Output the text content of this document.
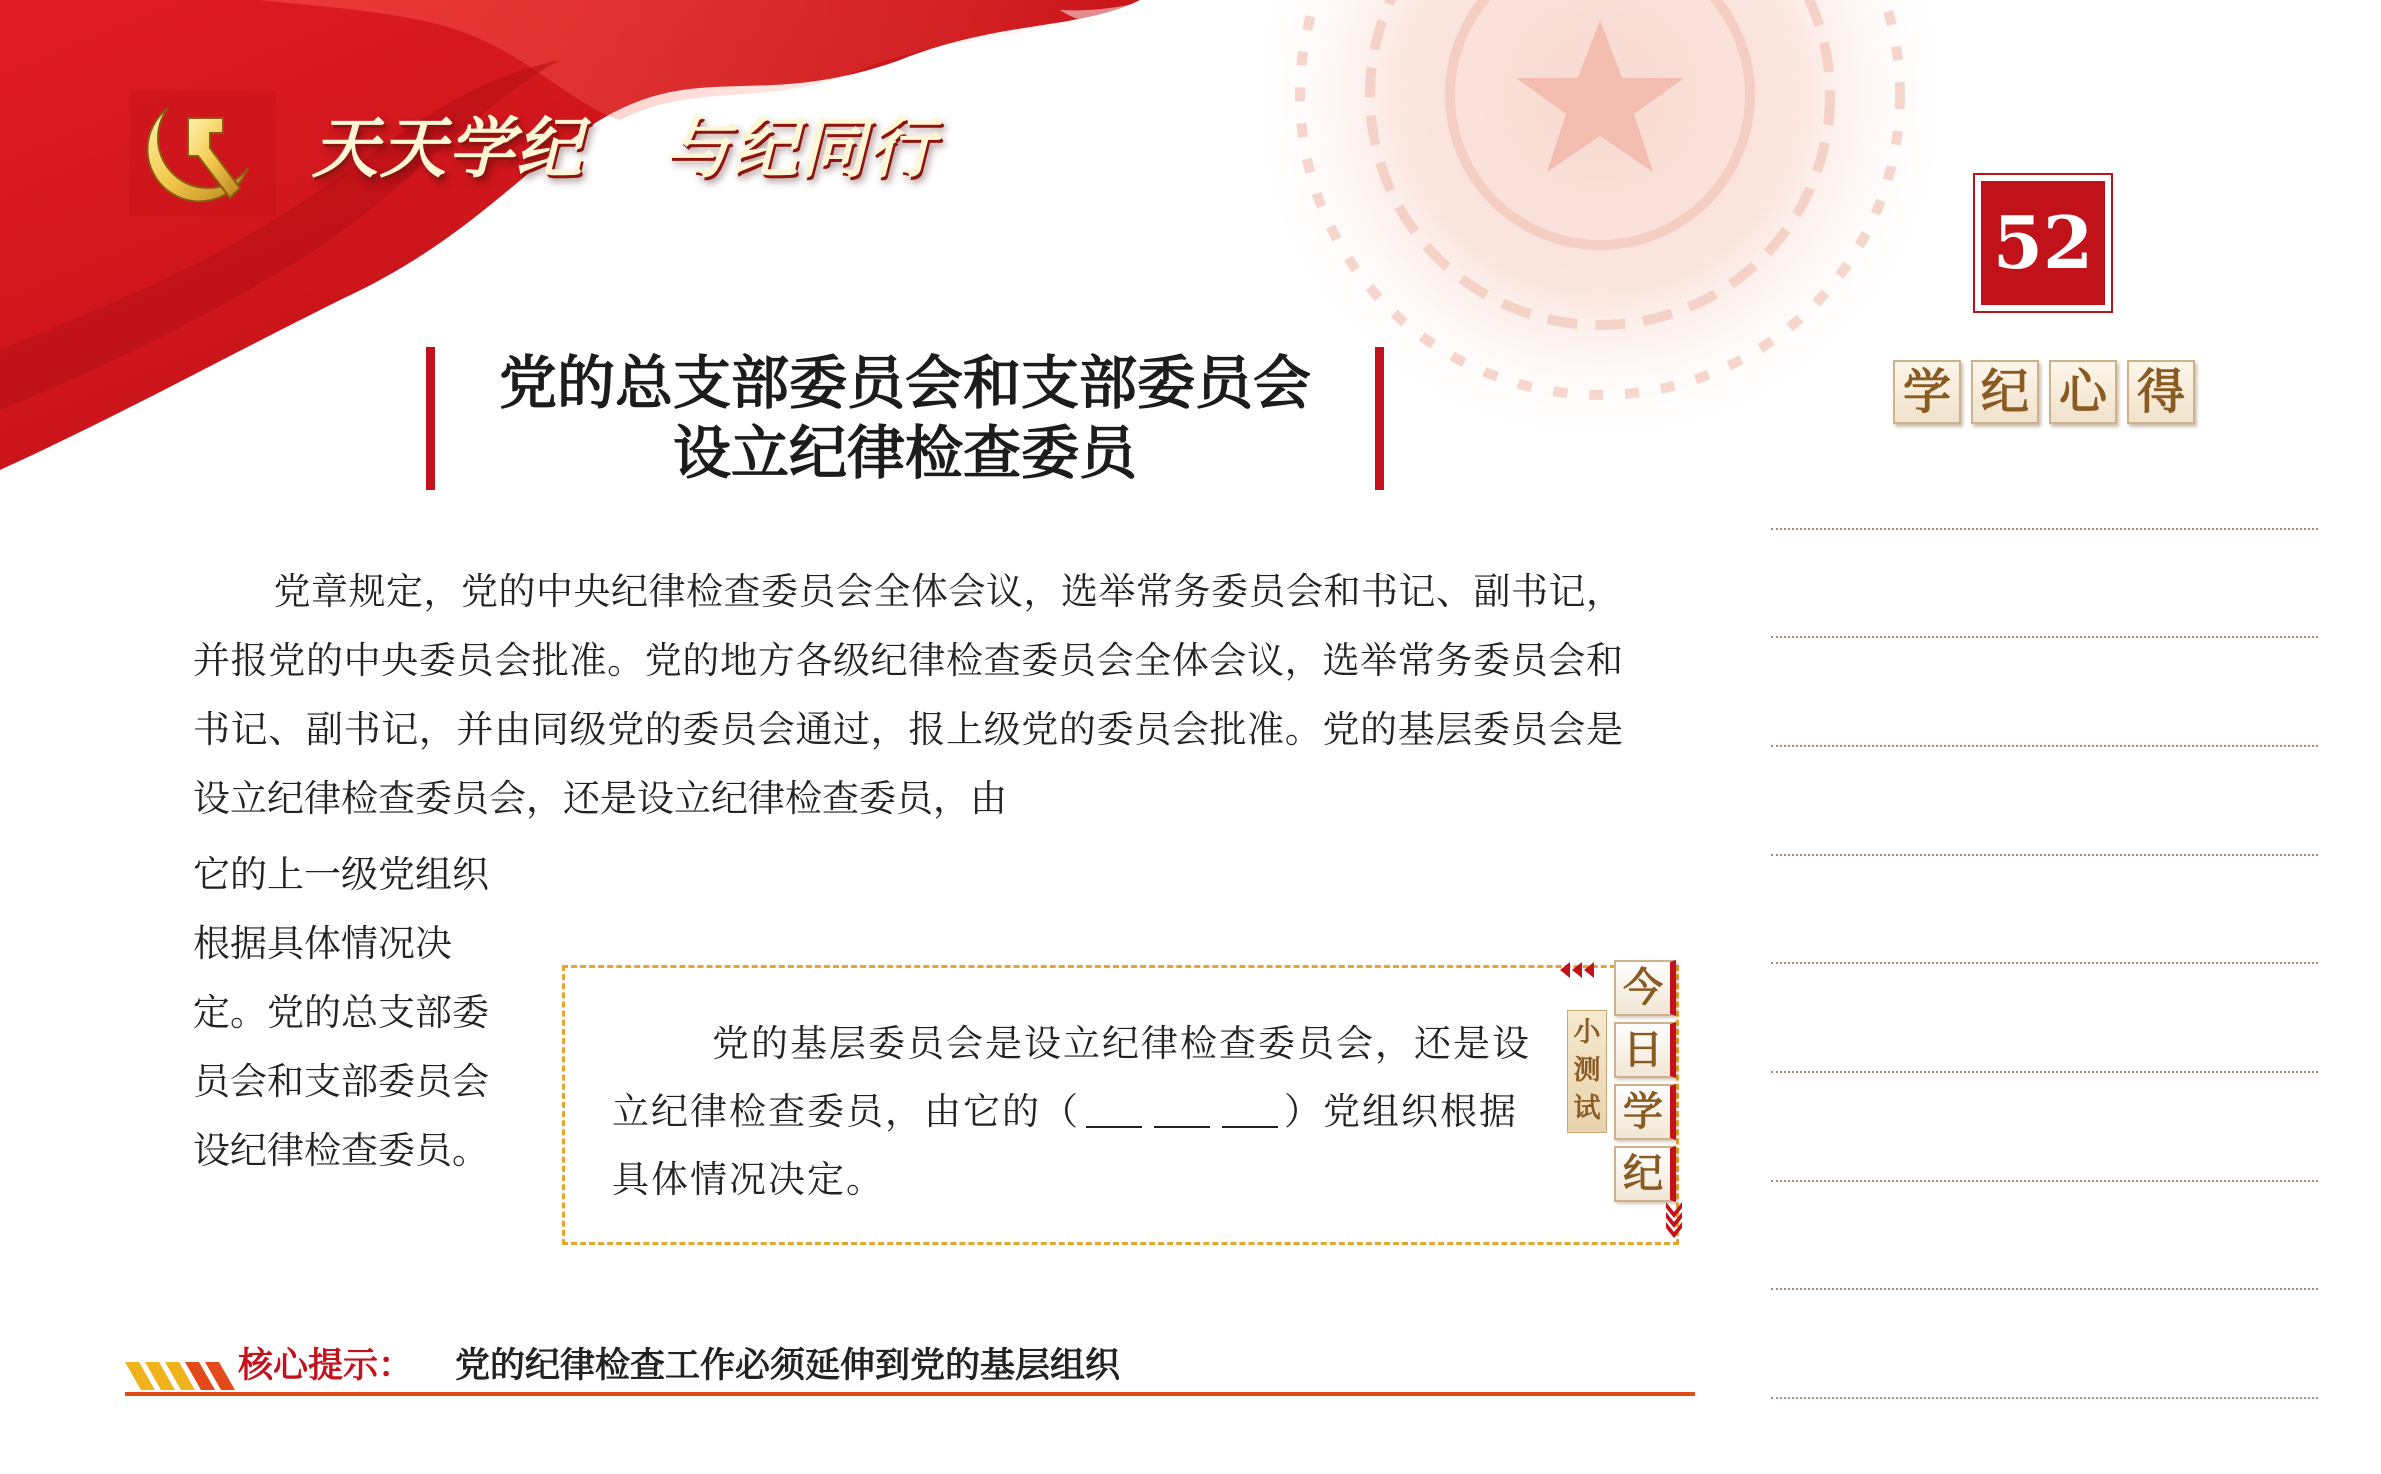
天天学纪 与纪同行
52
学 纪 心 得
党的总支部委员会和支部委员会
设立纪律检查委员

党章规定，党的中央纪律检查委员会全体会议，选举常务委员会和书记、副书记，并报党的中央委员会批准。党的地方各级纪律检查委员会全体会议，选举常务委员会和书记、副书记，并由同级党的委员会通过，报上级党的委员会批准。党的基层委员会是设立纪律检查委员会，还是设立纪律检查委员，由

它的上一级党组织根据具体情况决定。党的总支部委员会和支部委员会设纪律检查委员。

小测试
今
日
学
纪

党的基层委员会是设立纪律检查委员会，还是设立纪律检查委员，由它的（	）党组织根据具体情况决定。

核心提示： 党的纪律检查工作必须延伸到党的基层组织
